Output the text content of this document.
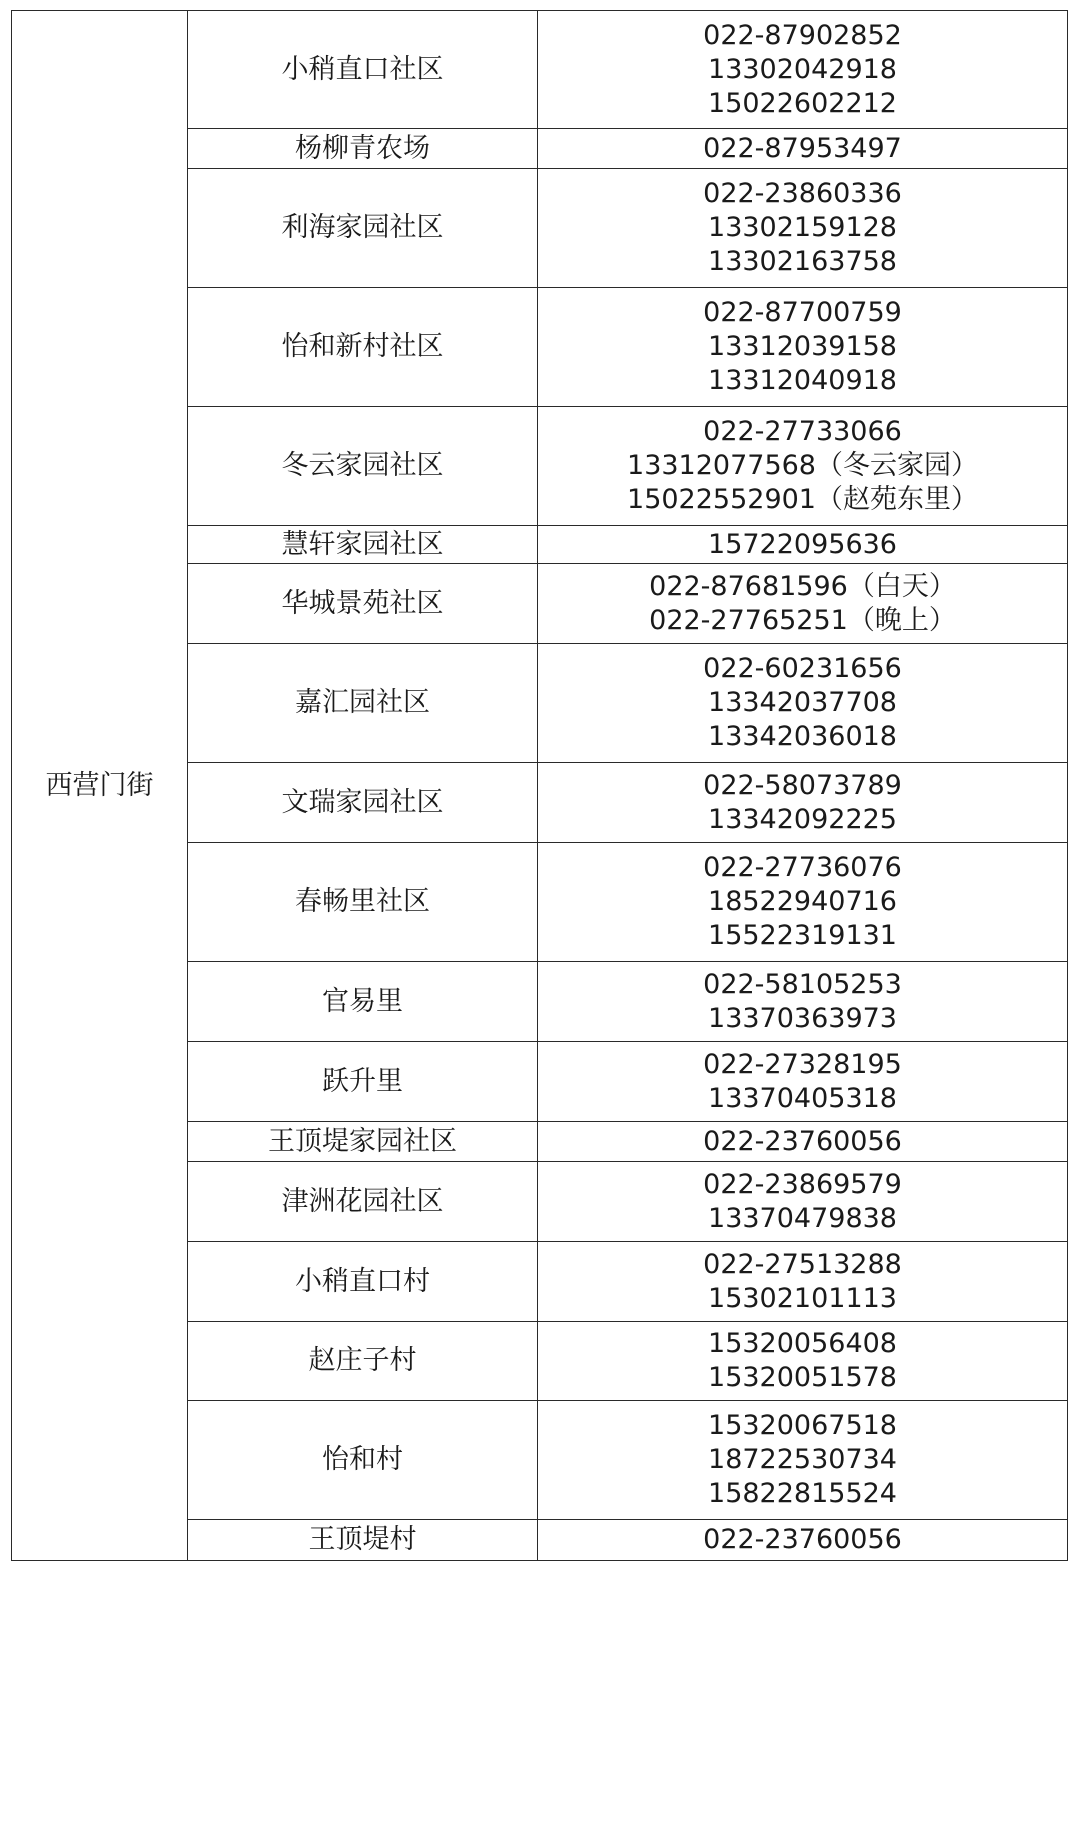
西营门街	小稍直口社区	022-87902852
13302042918
15022602212

	杨柳青农场	022-87953497

	利海家园社区	022-23860336
13302159128
13302163758

	怡和新村社区	022-87700759
13312039158
13312040918

	冬云家园社区	022-27733066
13312077568（冬云家园）
15022552901（赵苑东里）

	慧轩家园社区	15722095636

	华城景苑社区	022-87681596（白天）
022-27765251（晚上）

	嘉汇园社区	022-60231656
13342037708
13342036018

	文瑞家园社区	022-58073789
13342092225

	春畅里社区	022-27736076
18522940716
15522319131

	官易里	022-58105253
13370363973

	跃升里	022-27328195
13370405318

	王顶堤家园社区	022-23760056

	津洲花园社区	022-23869579
13370479838

	小稍直口村	022-27513288
15302101113

	赵庄子村	15320056408
15320051578

	怡和村	15320067518
18722530734
15822815524

	王顶堤村	022-23760056
